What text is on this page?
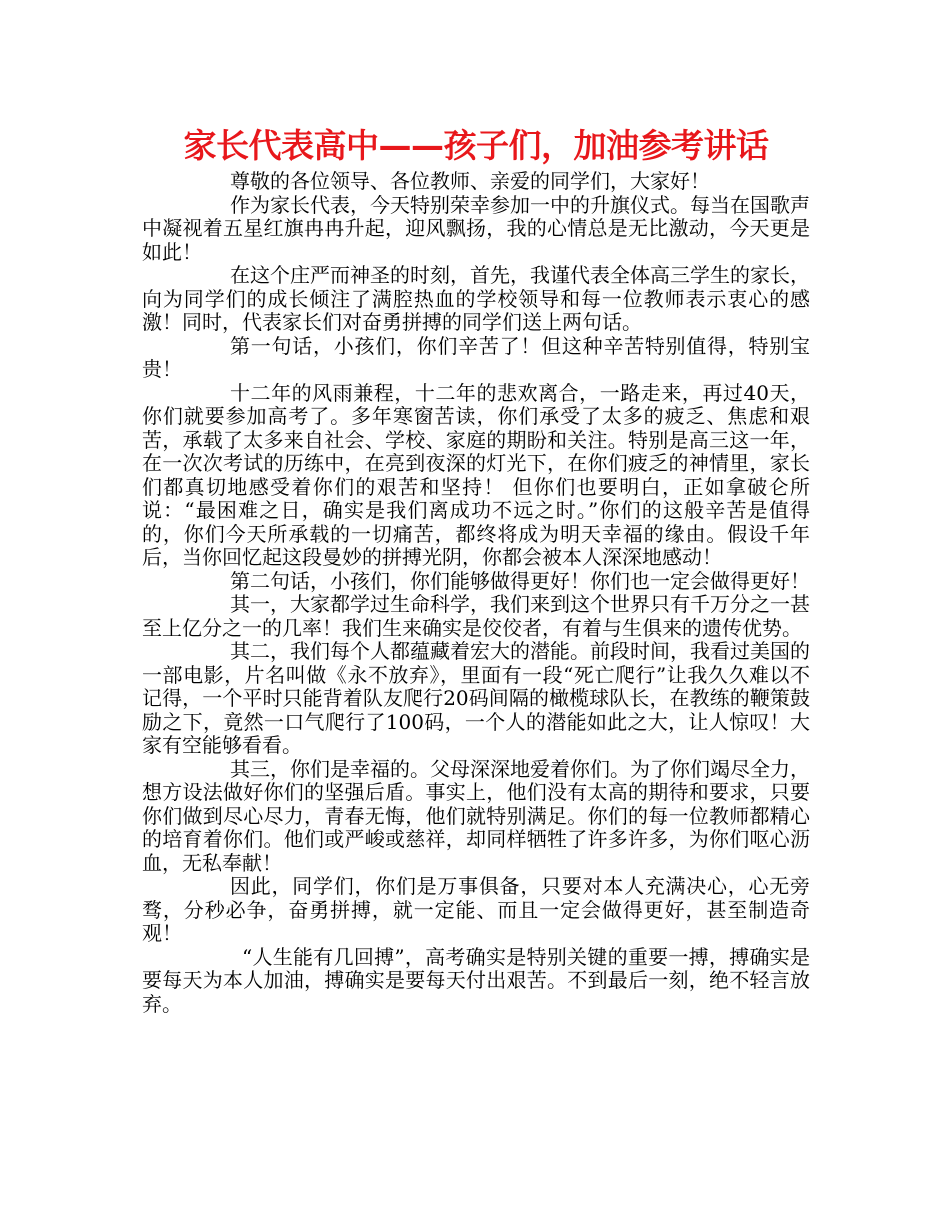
家长代表高中——孩子们，加油参考讲话

尊敬的各位领导、各位教师、亲爱的同学们，大家好！

作为家长代表，今天特别荣幸参加一中的升旗仪式。每当在国歌声中凝视着五星红旗冉冉升起，迎风飘扬，我的心情总是无比激动，今天更是如此！

在这个庄严而神圣的时刻，首先，我谨代表全体高三学生的家长，向为同学们的成长倾注了满腔热血的学校领导和每一位教师表示衷心的感激！同时，代表家长们对奋勇拼搏的同学们送上两句话。

第一句话，小孩们，你们辛苦了！但这种辛苦特别值得，特别宝贵！

十二年的风雨兼程，十二年的悲欢离合，一路走来，再过40天，你们就要参加高考了。多年寒窗苦读，你们承受了太多的疲乏、焦虑和艰苦，承载了太多来自社会、学校、家庭的期盼和关注。特别是高三这一年，在一次次考试的历练中，在亮到夜深的灯光下，在你们疲乏的神情里，家长们都真切地感受着你们的艰苦和坚持！ 但你们也要明白，正如拿破仑所说：“最困难之日，确实是我们离成功不远之时。”你们的这般辛苦是值得的，你们今天所承载的一切痛苦，都终将成为明天幸福的缘由。假设千年后，当你回忆起这段曼妙的拼搏光阴，你都会被本人深深地感动！

第二句话，小孩们，你们能够做得更好！你们也一定会做得更好！

其一，大家都学过生命科学，我们来到这个世界只有千万分之一甚至上亿分之一的几率！我们生来确实是佼佼者，有着与生俱来的遗传优势。

其二，我们每个人都蕴藏着宏大的潜能。前段时间，我看过美国的一部电影，片名叫做《永不放弃》，里面有一段“死亡爬行”让我久久难以不记得，一个平时只能背着队友爬行20码间隔的橄榄球队长，在教练的鞭策鼓励之下，竟然一口气爬行了100码，一个人的潜能如此之大，让人惊叹！大家有空能够看看。

其三，你们是幸福的。父母深深地爱着你们。为了你们竭尽全力，想方设法做好你们的坚强后盾。事实上，他们没有太高的期待和要求，只要你们做到尽心尽力，青春无悔，他们就特别满足。你们的每一位教师都精心的培育着你们。他们或严峻或慈祥，却同样牺牲了许多许多，为你们呕心沥血，无私奉献！

因此，同学们，你们是万事俱备，只要对本人充满决心，心无旁骛，分秒必争，奋勇拼搏，就一定能、而且一定会做得更好，甚至制造奇观！

“人生能有几回搏”，高考确实是特别关键的重要一搏，搏确实是要每天为本人加油，搏确实是要每天付出艰苦。不到最后一刻，绝不轻言放弃。
